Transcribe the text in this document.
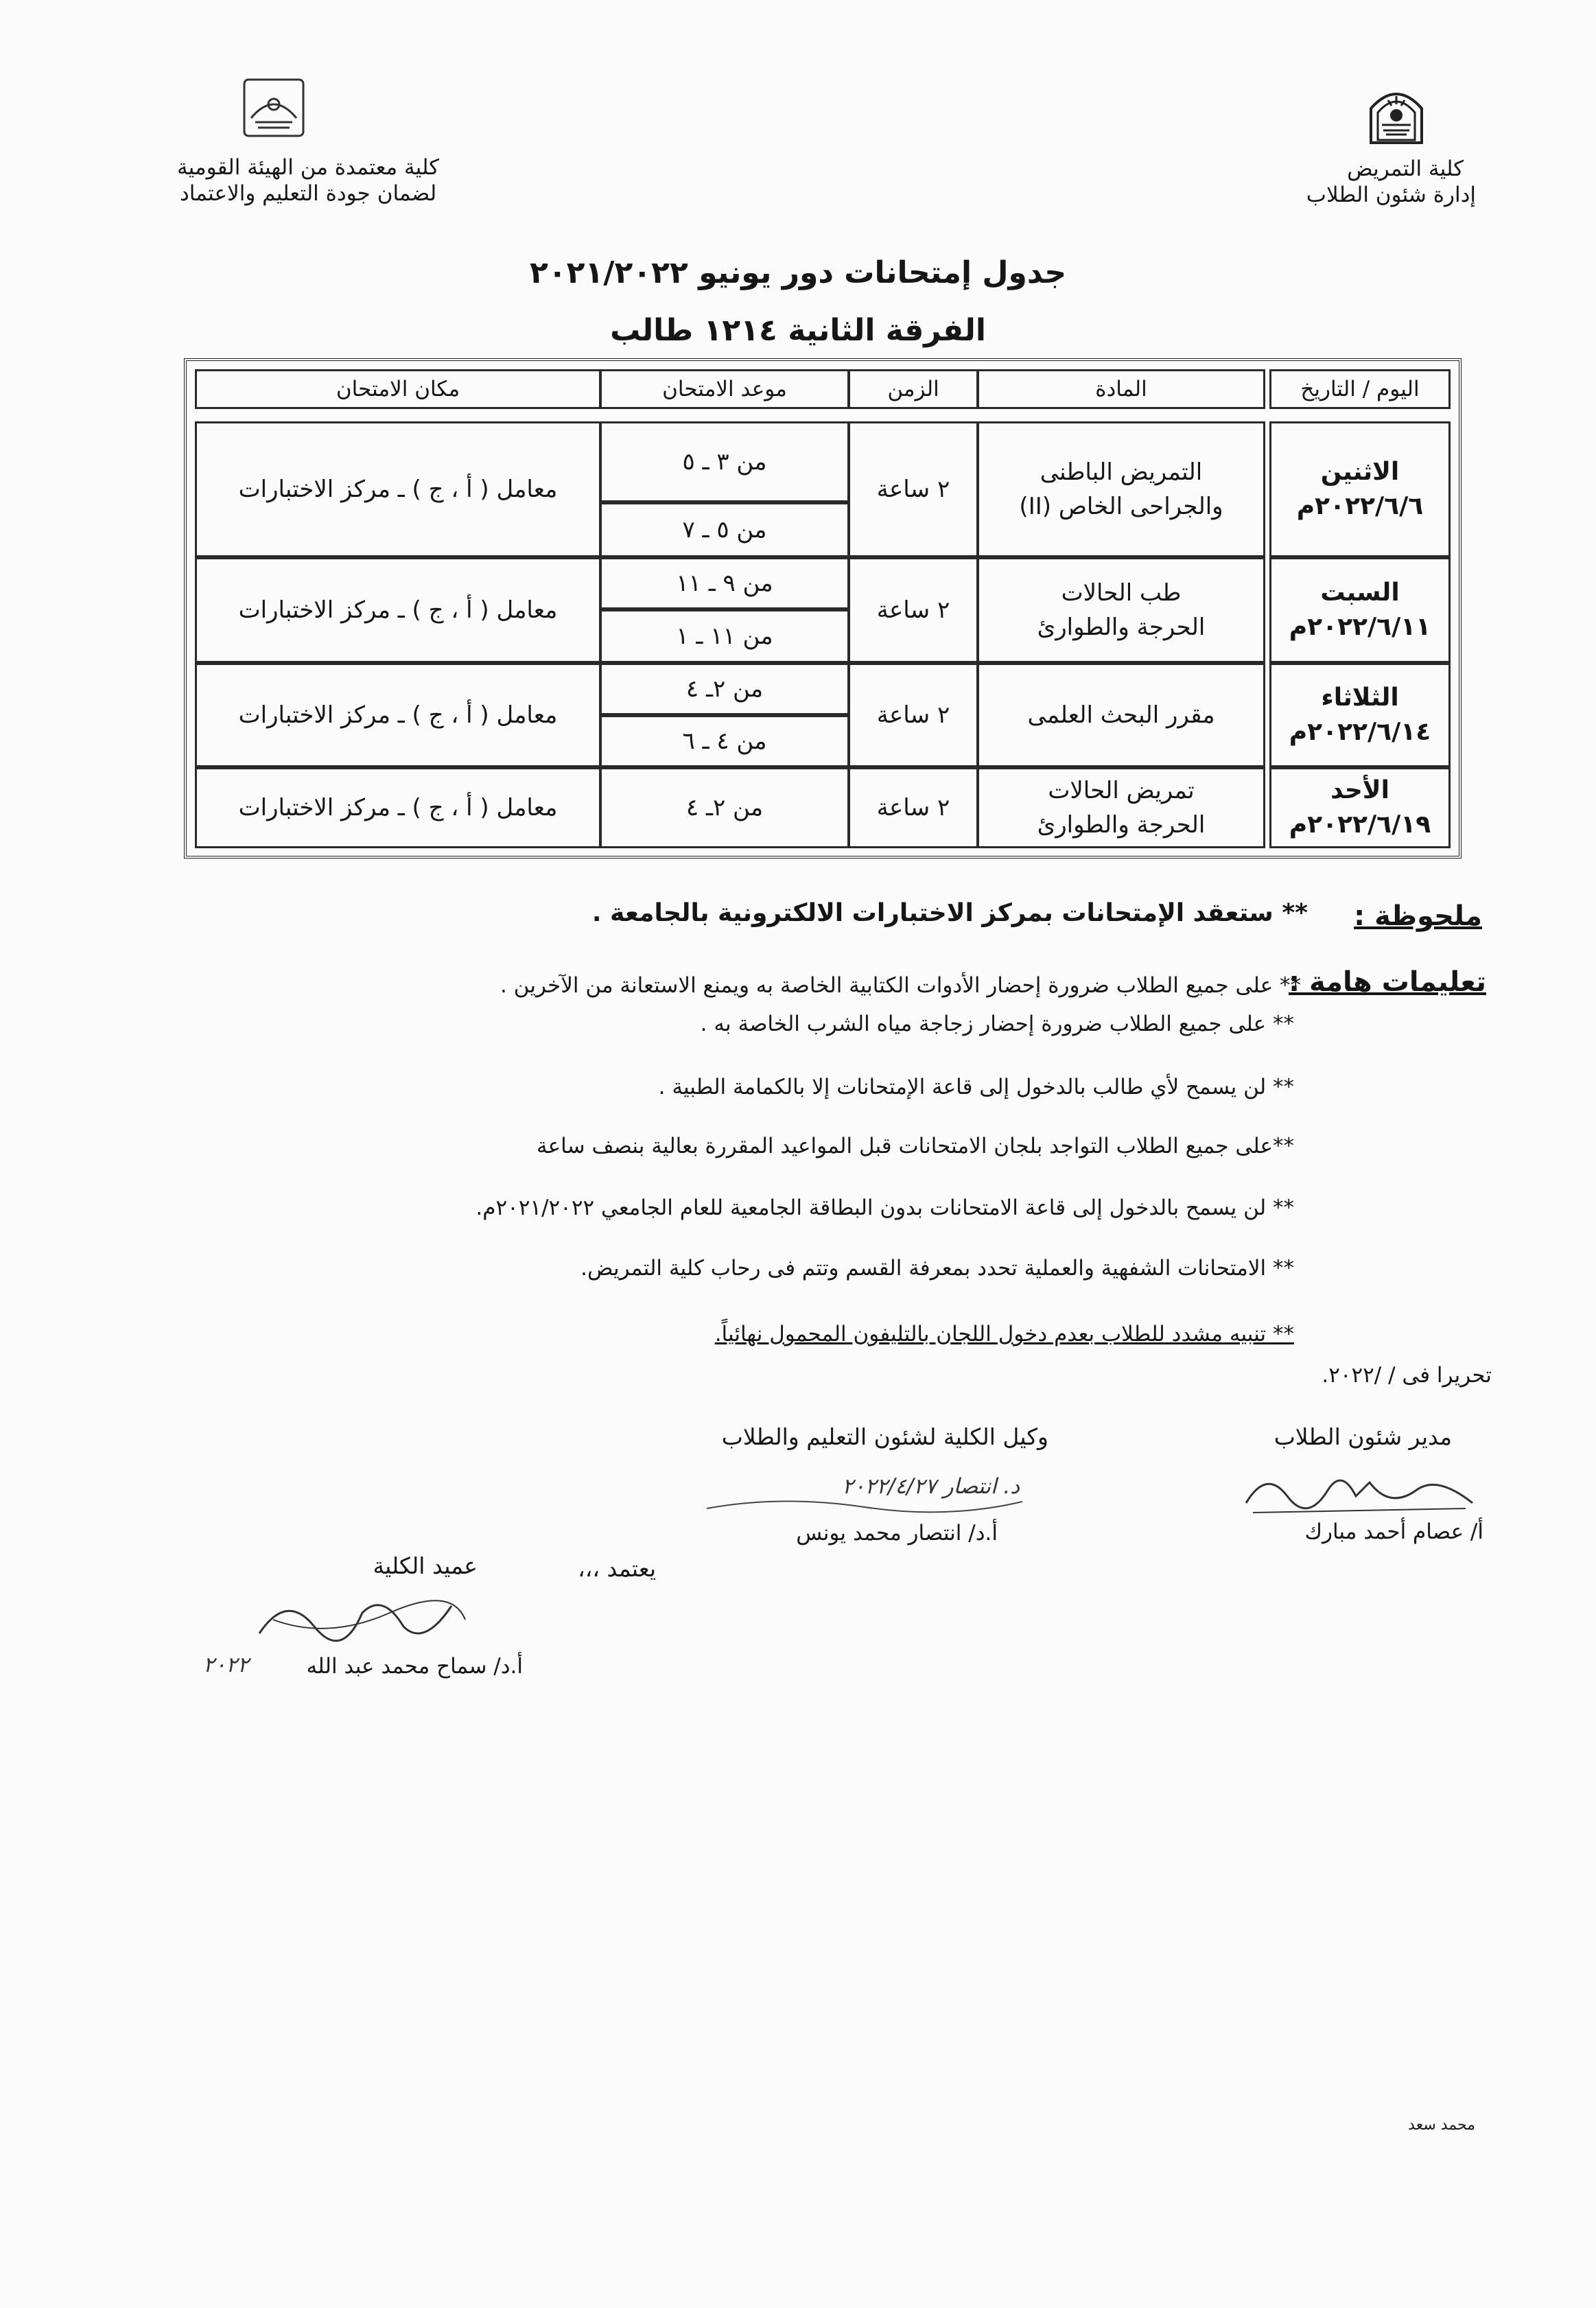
كلية التمريض
إدارة شئون الطلاب
كلية معتمدة من الهيئة القومية
لضمان جودة التعليم والاعتماد
جدول إمتحانات دور يونيو ٢٠٢١/٢٠٢٢
الفرقة الثانية ١٢١٤ طالب
اليوم / التاريخ
المادة
الزمن
موعد الامتحان
مكان الامتحان
الاثنين
٢٠٢٢/٦/٦م
التمريض الباطنى
والجراحى الخاص (II)
٢ ساعة
من ٣ ـ ٥
من ٥ ـ ٧
معامل ( أ ، ج ) ـ مركز الاختبارات
السبت
٢٠٢٢/٦/١١م
طب الحالات
الحرجة والطوارئ
٢ ساعة
من ٩ ـ ١١
من ١١ ـ ١
معامل ( أ ، ج ) ـ مركز الاختبارات
الثلاثاء
٢٠٢٢/٦/١٤م
مقرر البحث العلمى
٢ ساعة
من ٢ـ ٤
من ٤ ـ ٦
معامل ( أ ، ج ) ـ مركز الاختبارات
الأحد
٢٠٢٢/٦/١٩م
تمريض الحالات
الحرجة والطوارئ
٢ ساعة
من ٢ـ ٤
معامل ( أ ، ج ) ـ مركز الاختبارات
ملحوظة :
** ستعقد الإمتحانات بمركز الاختبارات الالكترونية بالجامعة .
تعليمات هامة :
** على جميع الطلاب ضرورة إحضار الأدوات الكتابية الخاصة به ويمنع الاستعانة من الآخرين .
** على جميع الطلاب ضرورة إحضار زجاجة مياه الشرب الخاصة به .
** لن يسمح لأي طالب بالدخول إلى قاعة الإمتحانات إلا بالكمامة الطبية .
**على جميع الطلاب التواجد بلجان الامتحانات قبل المواعيد المقررة بعالية بنصف ساعة
** لن يسمح بالدخول إلى قاعة الامتحانات بدون البطاقة الجامعية للعام الجامعي ٢٠٢١/٢٠٢٢م.
** الامتحانات الشفهية والعملية تحدد بمعرفة القسم وتتم فى رحاب كلية التمريض.
** تنبيه مشدد للطلاب بعدم دخول اللجان بالتليفون المحمول نهائياً.
تحريرا فى / /٢٠٢٢.
مدير شئون الطلاب
أ/ عصام أحمد مبارك
وكيل الكلية لشئون التعليم والطلاب
د. انتصار ٢٠٢٢/٤/٢٧
أ.د/ انتصار محمد يونس
يعتمد ،،،
عميد الكلية
٢٠٢٢	أ.د/ سماح محمد عبد الله
محمد سعد
